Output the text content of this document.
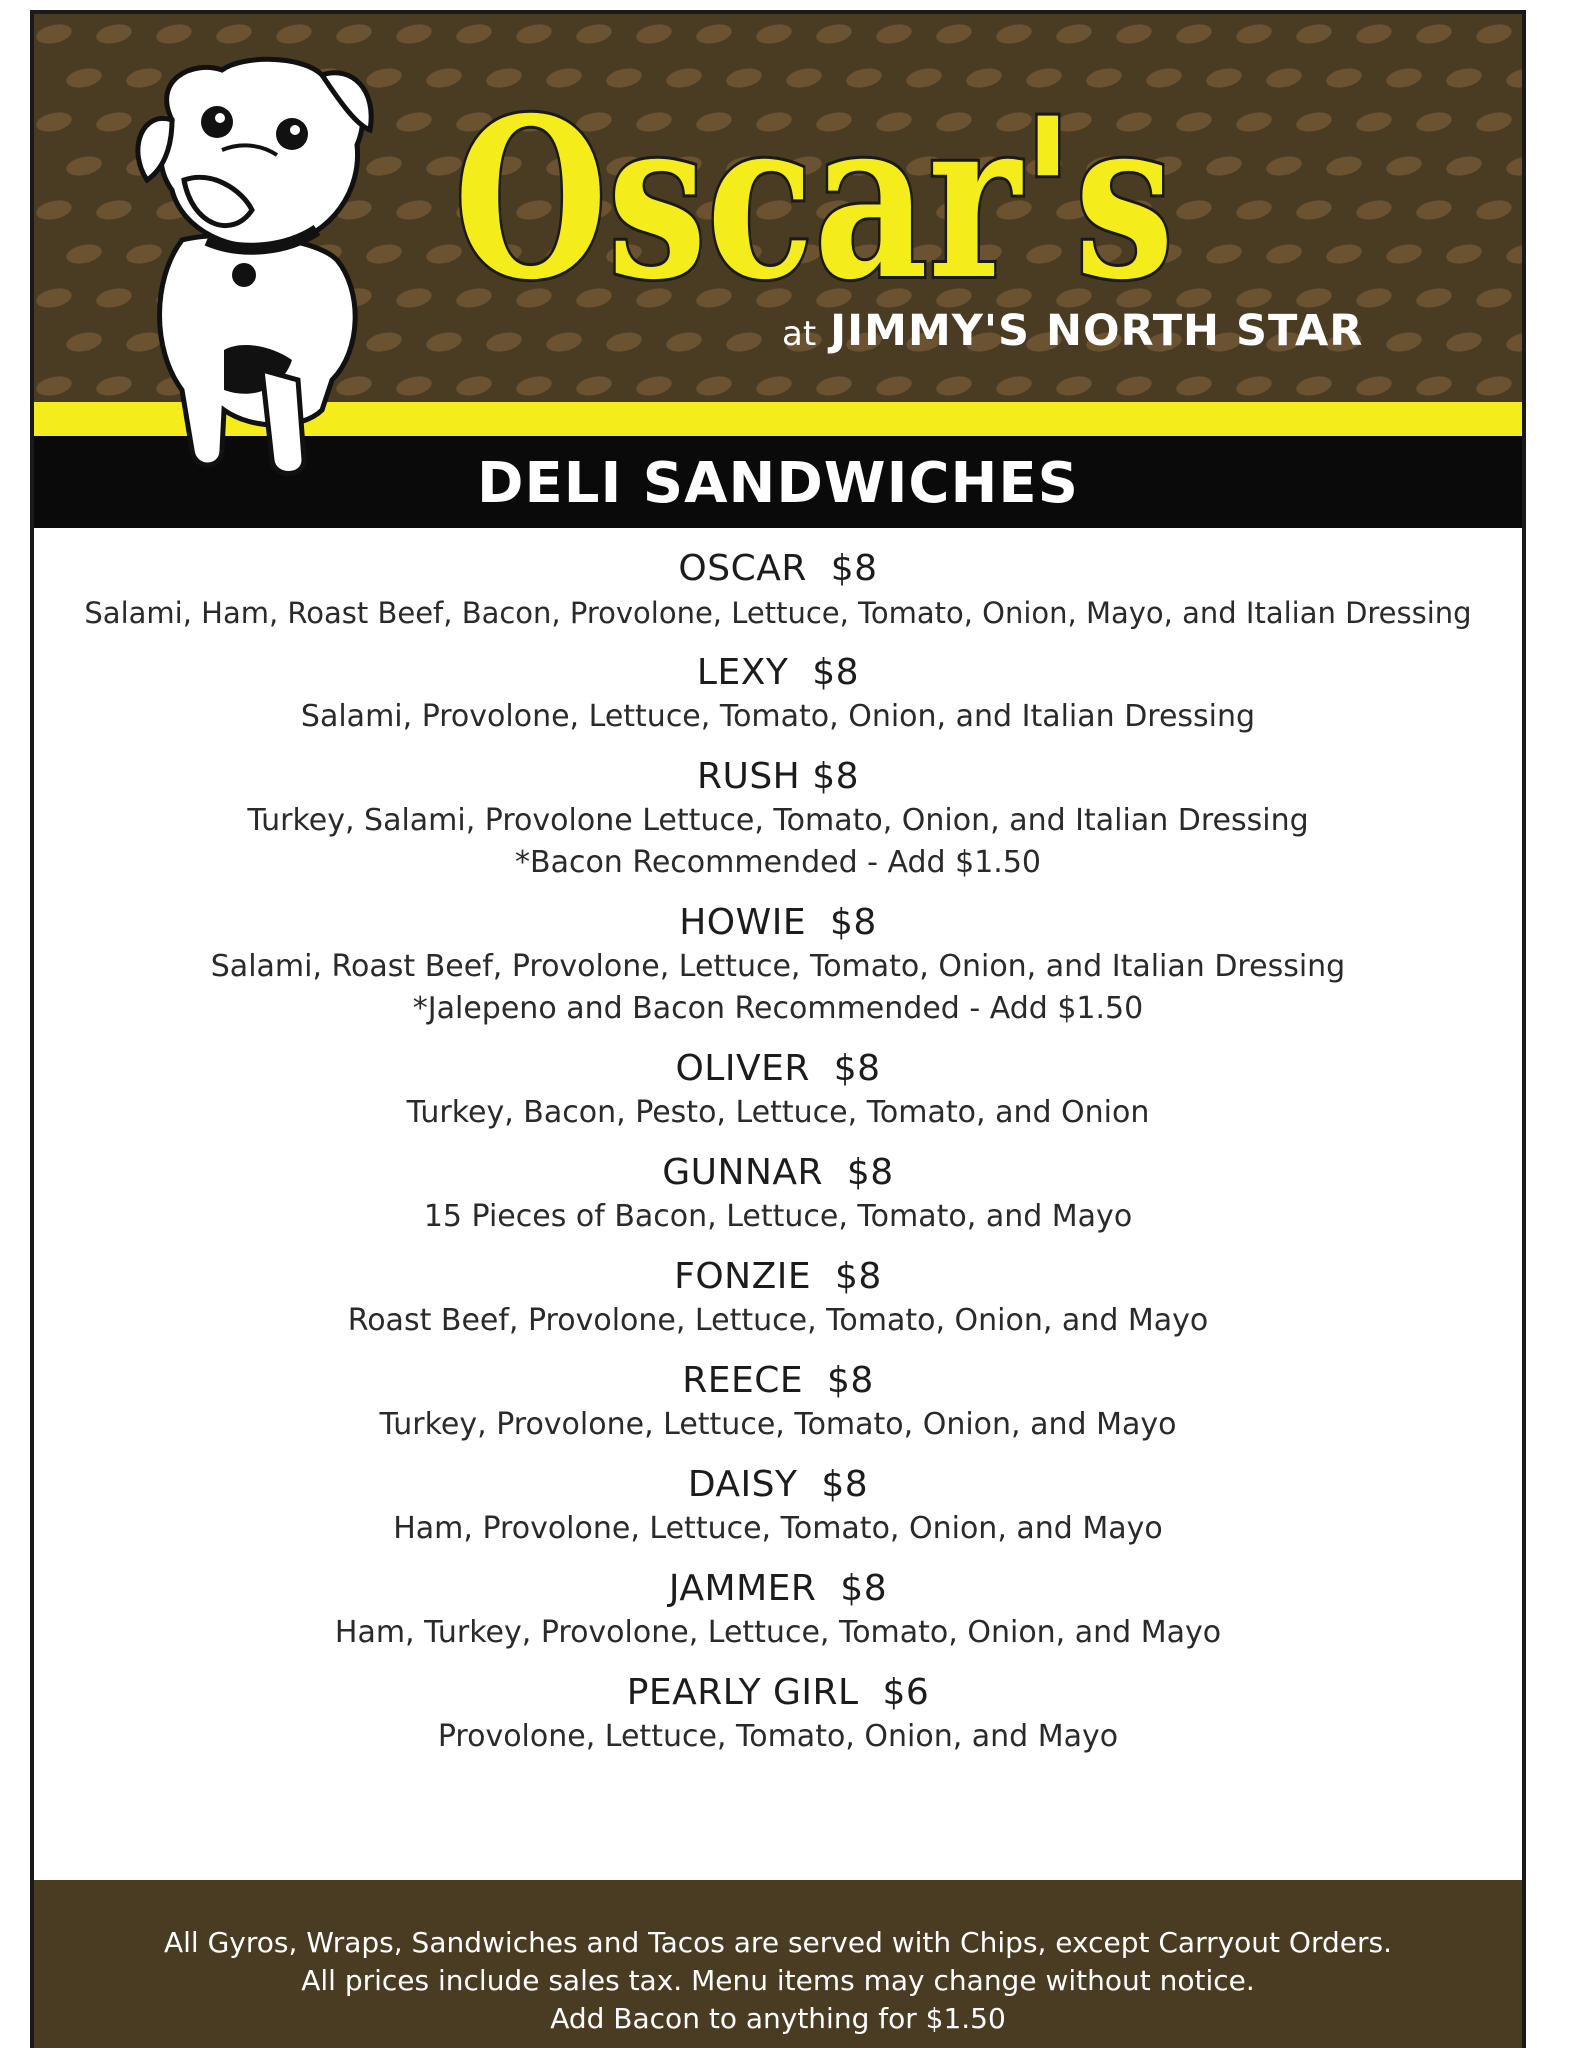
Oscar's
at JIMMY'S NORTH STAR
DELI SANDWICHES
OSCAR  $8
Salami, Ham, Roast Beef, Bacon, Provolone, Lettuce, Tomato, Onion, Mayo, and Italian Dressing
LEXY  $8
Salami, Provolone, Lettuce, Tomato, Onion, and Italian Dressing
RUSH $8
Turkey, Salami, Provolone Lettuce, Tomato, Onion, and Italian Dressing
*Bacon Recommended - Add $1.50
HOWIE  $8
Salami, Roast Beef, Provolone, Lettuce, Tomato, Onion, and Italian Dressing
*Jalepeno and Bacon Recommended - Add $1.50
OLIVER  $8
Turkey, Bacon, Pesto, Lettuce, Tomato, and Onion
GUNNAR  $8
15 Pieces of Bacon, Lettuce, Tomato, and Mayo
FONZIE  $8
Roast Beef, Provolone, Lettuce, Tomato, Onion, and Mayo
REECE  $8
Turkey, Provolone, Lettuce, Tomato, Onion, and Mayo
DAISY  $8
Ham, Provolone, Lettuce, Tomato, Onion, and Mayo
JAMMER  $8
Ham, Turkey, Provolone, Lettuce, Tomato, Onion, and Mayo
PEARLY GIRL  $6
Provolone, Lettuce, Tomato, Onion, and Mayo
All Gyros, Wraps, Sandwiches and Tacos are served with Chips, except Carryout Orders.
All prices include sales tax. Menu items may change without notice.
Add Bacon to anything for $1.50
